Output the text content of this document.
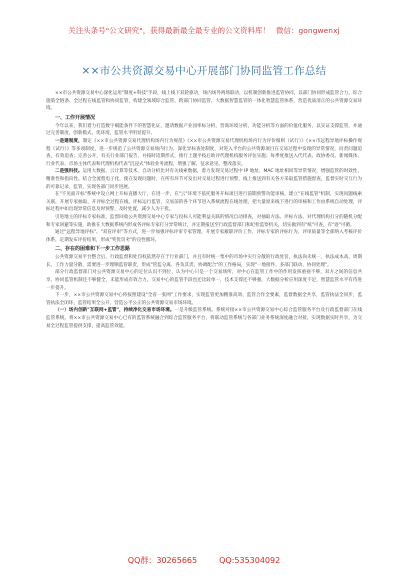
关注头条号"公文研究"，获得最新最全最专业的公文资料库！ 微信：gongwenxj
××市公共资源交易中心开展部门协同监管工作总结

××市公共资源交易中心深化运用"制度+科技"手段，线上线下双轮驱动，场内场外两场联动，以机制创新推进监管协同，以部门协同形成监管合力，综合施策全链条、全过程在线监管和协同监管，构建全领域综合监管、跨部门协同监管、大数据智慧监管的一体化智慧监管体系，营造优质清正的公共资源交易环境。

一、工作开展情况

今年以来，我们着力打造数字赋能条件下的智慧化证，邀请数据产业园率标分析，营商环境分析，功能分析等方面的价值化服务，以实证支撑监管，并通过完善制度、创新模式、优环境，监管水平明显提升。

一是建制度，制定《××市公共资源交易代理机构场内行为规范》《××市公共资源交易代理机构场内行为评价细则（试行）》《××市远程异地评标操作规程（试行）》等多项制度，进一步规范了公共资源交易场内行为，深化异标查处制度，对进入平台的公共资源项目在交易过程中发现的异常情况，问责问题追查，有效追查；完善公开，有关行业部门报告，并按时适期形式，推行上题平疫后助评代理机构服务评估实施；每季度推送入代代表、政协委员、新闻媒体、行业代表、市场主体代表和代理机构代表"沉浸式"体验业务流程，增强了解、征求意见、整改落实。

二是强科技。运用大数据、云计算等技术，自动分析比对有关线索数据，着力发现交易过程中 IP 地址、MAC 地址相同等异常情况，增强监管的时效性、精准性和指向性。结合全流程电子化，使在发现问题时，在所有环节可发出对交易过程进行预警，线上推送到有关各方采取监管措施督查，监督实时交互行为的可靠记录，监管，实现各部门同步进展。

在"不见面开标"系统中设立网上开标直播大厅，在进一步，在"云"环境下依托服务开标项目进行前期预警功能审核，建立"在线监管"机制，实现问题线索关联，开展专家抽取、开评标全过程在线，评标运行监管，交易前的各个环节进入系统流程在线处理，把大量原来线下进行的审核和工作由系统自动处理，评标过程中如出现异常信息及时预警，及时处置，减少人为干扰。

引进地主的评标专家标准，监督回收公共资源交易中心专家与投标人可能利益关联的情况自动排查，对抽取方法、评标方法、对代理机构打分的随机分配和专家回避等实施，助推在大数据系统内形成各评标专家打分异常统计，并定期报送至行政监督部门和纪检监察机关，切实做到有"纸"可查，有"迹"可循。

通过"远程异地评标"、"双盲评审"等方式，进一步加强评标评审专家管理，开展专家履职评价工作，评标专家的评标行为、评审质量等全部纳入考核评价体系，定期发布评价结果，形成"奖优罚劣"的良性循环。

二、存在的困难和下一步工作思路

公共资源交易平台整合后，行政监督和处罚权依然存在于行业部门，并且有时统一集中的市场中实行分散的行政处罚，执法尚未统一，执法成本高、周期长、工作力量分散，需要进一步理顺监管职责，形成"管监分离、各负其责、协调配合"的工作格局，实现"一地接件、多部门联动、协同处理"。

部分行政监督部门对公共资源交易中心的定位认识不到位，认为中心只是一个交易场所，对中心在监管工作中的作用发挥重视不够，双方之间的信息共享、协同监管机制还不够健全，未能形成有效合力。交易中心的监管手段也还比较单一，技术支撑还不够强，大数据分析应用深度不足，智慧监管水平有待进一步提升。

下一步，××市公共资源交易中心将按照建设"全省一张网"工作要求，实现监管更加精准高效、监管合作全要素，监督数据全共享，监管执法全同步，监管执法全闭环，监管结果全公开，营造公平公正的公共资源交易市场环境。

（一）场内创新"互联网+监管"，持续净化交易市场环境。一是升级监管系统。系统对接××市公共资源交易中心综合监管服务平台及行政监督部门在线监管系统，将××市公共资源交易中心已有的监管系统融合到综合监管服务平台，将联动监管系统与各部门业务系统深度融合对接，实现数据实时共享，为交易全过程监管提供支撑，提高监管效能。

QQ群：30265665	QQ:535304092
